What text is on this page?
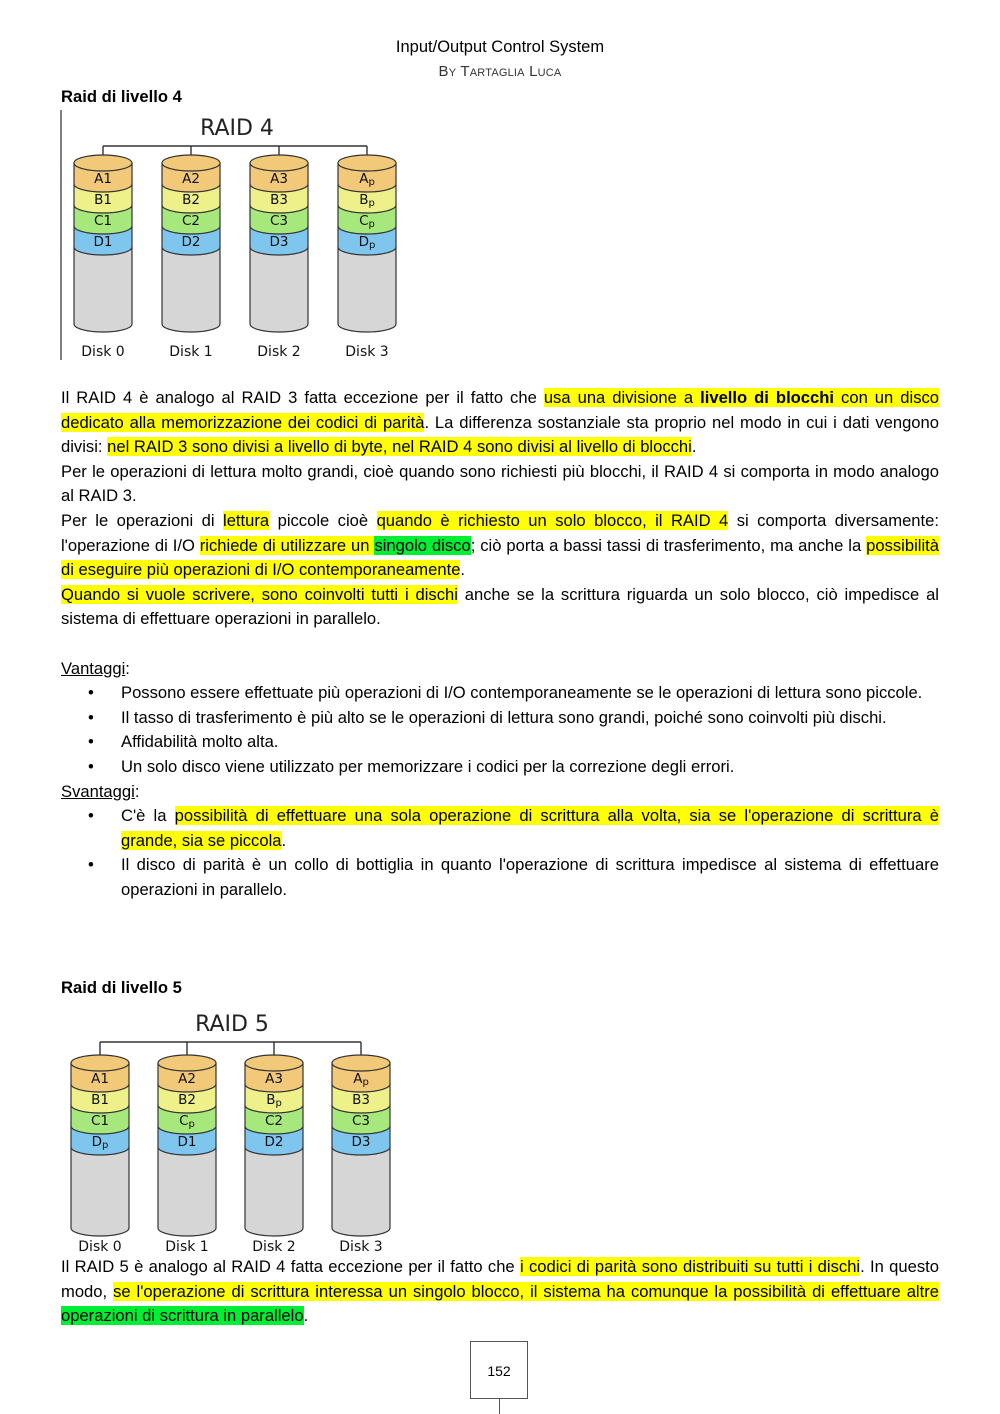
Input/Output Control System
By Tartaglia Luca
Raid di livello 4
RAID 4
A1
B1
C1
D1
Disk 0
A2
B2
C2
D2
Disk 1
A3
B3
C3
D3
Disk 2
Ap
Bp
Cp
Dp
Disk 3

Il RAID 4 è analogo al RAID 3 fatta eccezione per il fatto che usa una divisione a livello di blocchi con un disco dedicato alla memorizzazione dei codici di parità. La differenza sostanziale sta proprio nel modo in cui i dati vengono divisi: nel RAID 3 sono divisi a livello di byte, nel RAID 4 sono divisi al livello di blocchi.

Per le operazioni di lettura molto grandi, cioè quando sono richiesti più blocchi, il RAID 4 si comporta in modo analogo al RAID 3.

Per le operazioni di lettura piccole cioè quando è richiesto un solo blocco, il RAID 4 si comporta diversamente: l'operazione di I/O richiede di utilizzare un singolo disco; ciò porta a bassi tassi di trasferimento, ma anche la possibilità di eseguire più operazioni di I/O contemporaneamente.

Quando si vuole scrivere, sono coinvolti tutti i dischi anche se la scrittura riguarda un solo blocco, ciò impedisce al sistema di effettuare operazioni in parallelo.

Vantaggi:

• Possono essere effettuate più operazioni di I/O contemporaneamente se le operazioni di lettura sono piccole.
• Il tasso di trasferimento è più alto se le operazioni di lettura sono grandi, poiché sono coinvolti più dischi.
• Affidabilità molto alta.
• Un solo disco viene utilizzato per memorizzare i codici per la correzione degli errori.

Svantaggi:

• C'è la possibilità di effettuare una sola operazione di scrittura alla volta, sia se l'operazione di scrittura è grande, sia se piccola.
• Il disco di parità è un collo di bottiglia in quanto l'operazione di scrittura impedisce al sistema di effettuare operazioni in parallelo.
Raid di livello 5
RAID 5
A1
B1
C1
Dp
Disk 0
A2
B2
Cp
D1
Disk 1
A3
Bp
C2
D2
Disk 2
Ap
B3
C3
D3
Disk 3

Il RAID 5 è analogo al RAID 4 fatta eccezione per il fatto che i codici di parità sono distribuiti su tutti i dischi. In questo modo, se l'operazione di scrittura interessa un singolo blocco, il sistema ha comunque la possibilità di effettuare altre operazioni di scrittura in parallelo.

152
